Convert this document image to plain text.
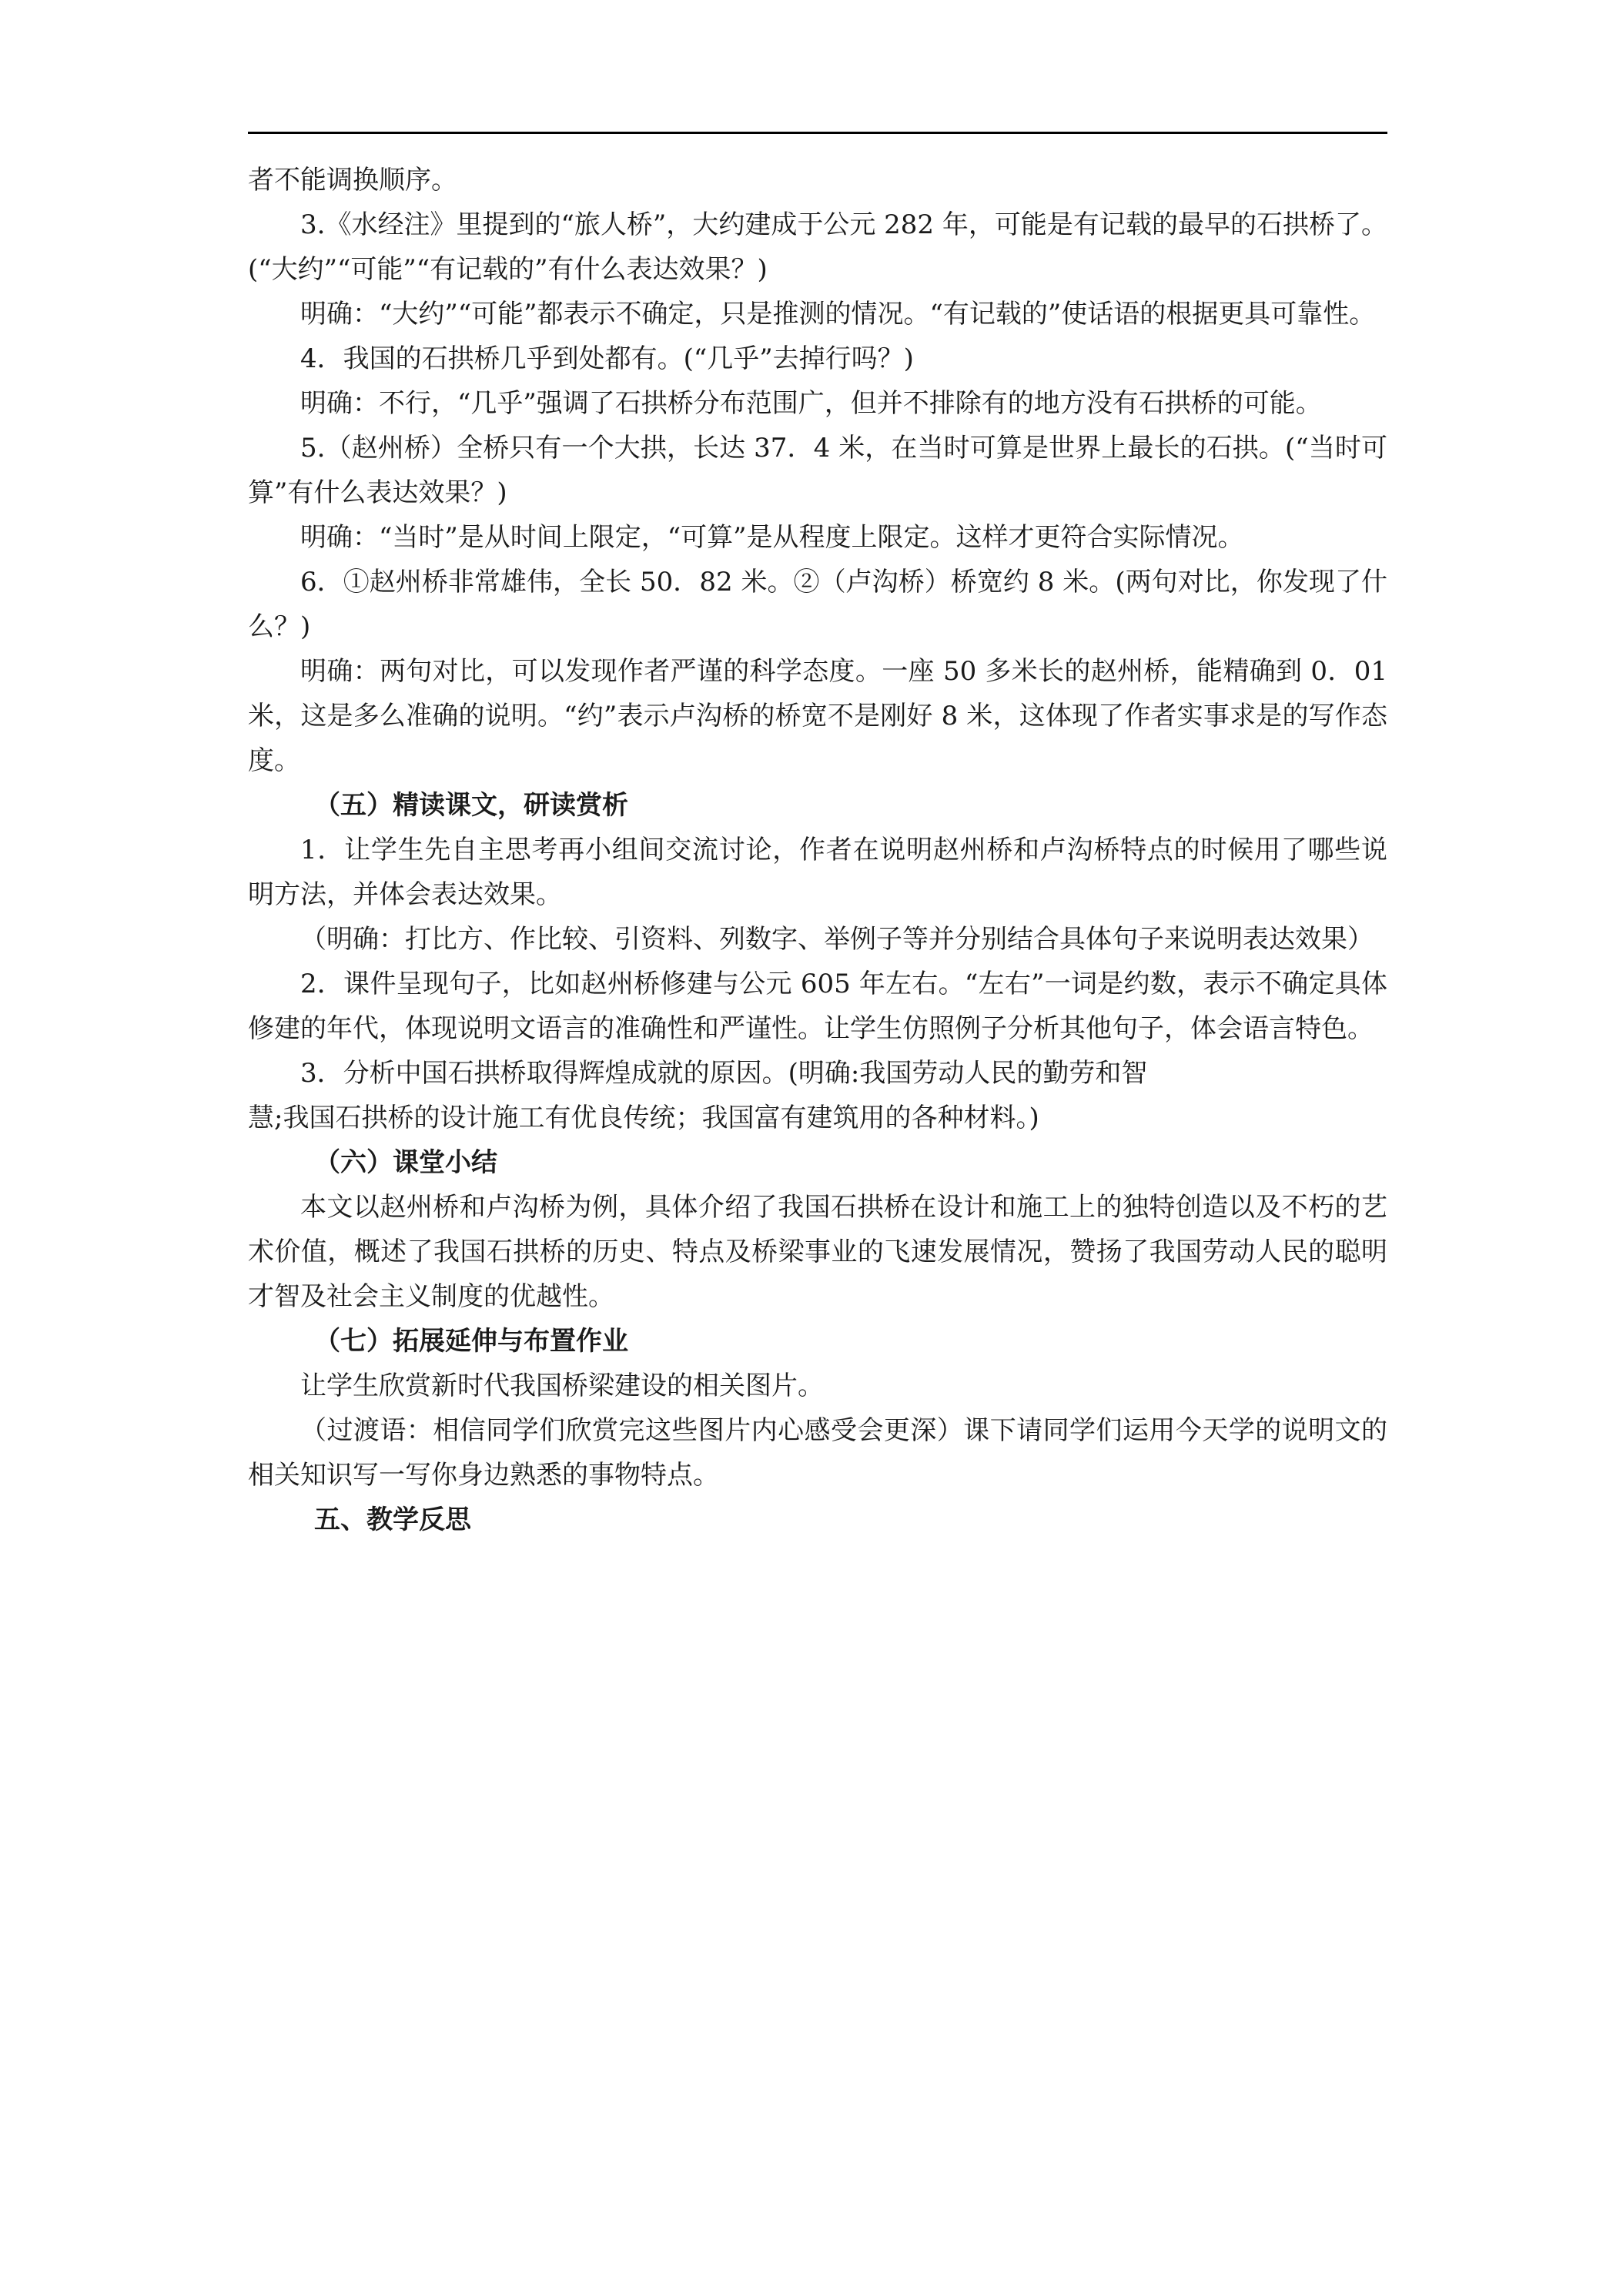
者不能调换顺序。

3.《水经注》里提到的“旅人桥”，大约建成于公元 282 年，可能是有记载的最早的石拱桥了。(“大约”“可能”“有记载的”有什么表达效果？)

明确：“大约”“可能”都表示不确定，只是推测的情况。“有记载的”使话语的根据更具可靠性。

4．我国的石拱桥几乎到处都有。(“几乎”去掉行吗？)

明确：不行，“几乎”强调了石拱桥分布范围广，但并不排除有的地方没有石拱桥的可能。

5.（赵州桥）全桥只有一个大拱，长达 37．4 米，在当时可算是世界上最长的石拱。(“当时可算”有什么表达效果？)

明确：“当时”是从时间上限定，“可算”是从程度上限定。这样才更符合实际情况。

6．①赵州桥非常雄伟，全长 50．82 米。②（卢沟桥）桥宽约 8 米。(两句对比，你发现了什么？)

明确：两句对比，可以发现作者严谨的科学态度。一座 50 多米长的赵州桥，能精确到 0．01 米，这是多么准确的说明。“约”表示卢沟桥的桥宽不是刚好 8 米，这体现了作者实事求是的写作态度。

（五）精读课文，研读赏析

1．让学生先自主思考再小组间交流讨论，作者在说明赵州桥和卢沟桥特点的时候用了哪些说明方法，并体会表达效果。

（明确：打比方、作比较、引资料、列数字、举例子等并分别结合具体句子来说明表达效果）

2．课件呈现句子，比如赵州桥修建与公元 605 年左右。“左右”一词是约数，表示不确定具体修建的年代，体现说明文语言的准确性和严谨性。让学生仿照例子分析其他句子，体会语言特色。

3．分析中国石拱桥取得辉煌成就的原因。(明确:我国劳动人民的勤劳和智
慧;我国石拱桥的设计施工有优良传统；我国富有建筑用的各种材料。)

（六）课堂小结

本文以赵州桥和卢沟桥为例，具体介绍了我国石拱桥在设计和施工上的独特创造以及不朽的艺术价值，概述了我国石拱桥的历史、特点及桥梁事业的飞速发展情况，赞扬了我国劳动人民的聪明才智及社会主义制度的优越性。

（七）拓展延伸与布置作业

让学生欣赏新时代我国桥梁建设的相关图片。

（过渡语：相信同学们欣赏完这些图片内心感受会更深）课下请同学们运用今天学的说明文的相关知识写一写你身边熟悉的事物特点。

五、教学反思
